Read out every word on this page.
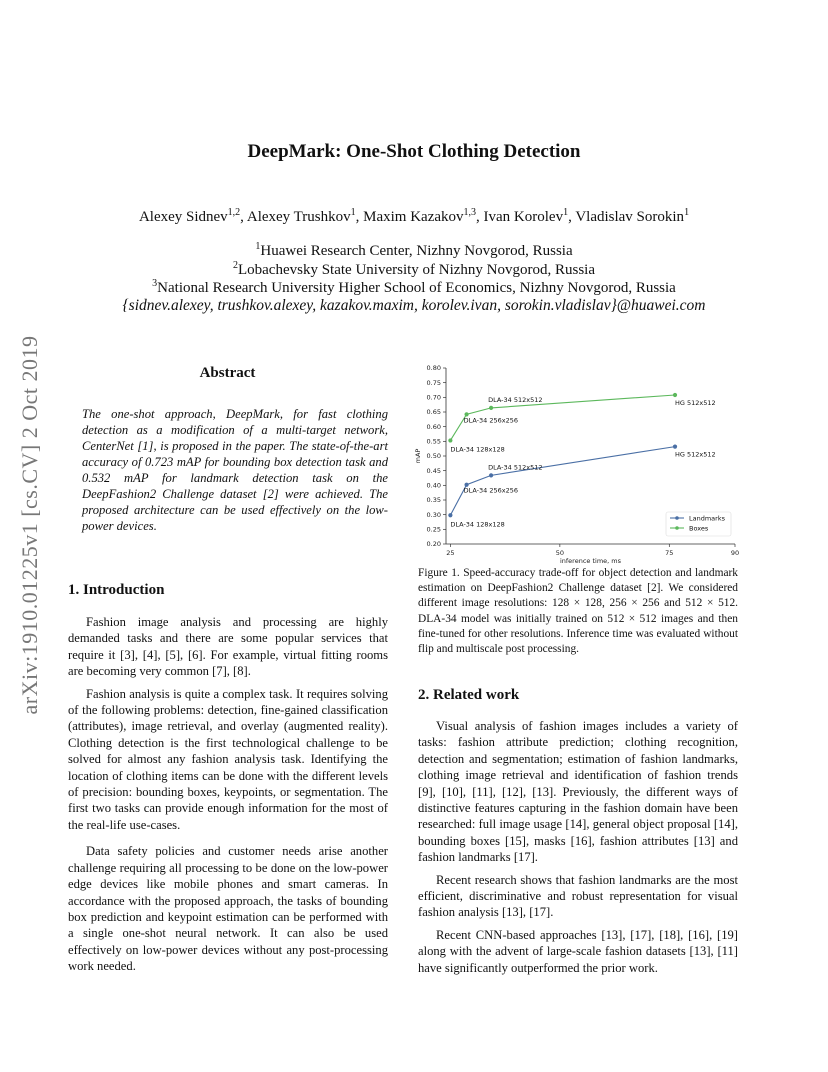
DeepMark: One-Shot Clothing Detection
Alexey Sidnev$^{1,2}$, Alexey Trushkov$^1$, Maxim Kazakov$^{1,3}$, Ivan Korolev$^1$, Vladislav Sorokin$^1$
$^1$Huawei Research Center, Nizhny Novgorod, Russia
$^2$Lobachevsky State University of Nizhny Novgorod, Russia
$^3$National Research University Higher School of Economics, Nizhny Novgorod, Russia
{sidnev.alexey, trushkov.alexey, kazakov.maxim, korolev.ivan, sorokin.vladislav}@huawei.com
arXiv:1910.01225v1 [cs.CV] 2 Oct 2019	Abstract
The one-shot approach, DeepMark, for fast clothing detection as a modification of a multi-target network, CenterNet [1], is proposed in the paper. The state-of-the-art accuracy of 0.723 mAP for bounding box detection task and 0.532 mAP for landmark detection task on the DeepFashion2 Challenge dataset [2] were achieved. The proposed architecture can be used effectively on the low-power devices.
1. Introduction

Fashion image analysis and processing are highly demanded tasks and there are some popular services that require it [3], [4], [5], [6]. For example, virtual fitting rooms are becoming very common [7], [8].

Fashion analysis is quite a complex task. It requires solving of the following problems: detection, fine-gained classification (attributes), image retrieval, and overlay (augmented reality). Clothing detection is the first technological challenge to be solved for almost any fashion analysis task. Identifying the location of clothing items can be done with the different levels of precision: bounding boxes, keypoints, or segmentation. The first two tasks can provide enough information for the most of the real-life use-cases.

Data safety policies and customer needs arise another challenge requiring all processing to be done on the low-power edge devices like mobile phones and smart cameras. In accordance with the proposed approach, the tasks of bounding box prediction and keypoint estimation can be performed with a single one-shot neural network. It can also be used effectively on low-power devices without any post-processing work needed.

0.20
0.25
0.30
0.35
0.40
0.45
0.50
0.55
0.60
0.65
0.70
0.75
0.80
25	50	75	90
inference time, ms
mAP
DLA-34 128x128
DLA-34 256x256
DLA-34 512x512
HG 512x512
DLA-34 128x128
DLA-34 256x256
DLA-34 512x512	HG 512x512
Landmarks
Boxes
Figure 1. Speed-accuracy trade-off for object detection and landmark estimation on DeepFashion2 Challenge dataset [2]. We considered different image resolutions: 128 × 128, 256 × 256 and 512 × 512. DLA-34 model was initially trained on 512 × 512 images and then fine-tuned for other resolutions. Inference time was evaluated without flip and multiscale post processing.
2. Related work

Visual analysis of fashion images includes a variety of tasks: fashion attribute prediction; clothing recognition, detection and segmentation; estimation of fashion landmarks, clothing image retrieval and identification of fashion trends [9], [10], [11], [12], [13]. Previously, the different ways of distinctive features capturing in the fashion domain have been researched: full image usage [14], general object proposal [14], bounding boxes [15], masks [16], fashion attributes [13] and fashion landmarks [17].

Recent research shows that fashion landmarks are the most efficient, discriminative and robust representation for visual fashion analysis [13], [17].

Recent CNN-based approaches [13], [17], [18], [16], [19] along with the advent of large-scale fashion datasets [13], [11] have significantly outperformed the prior work.
